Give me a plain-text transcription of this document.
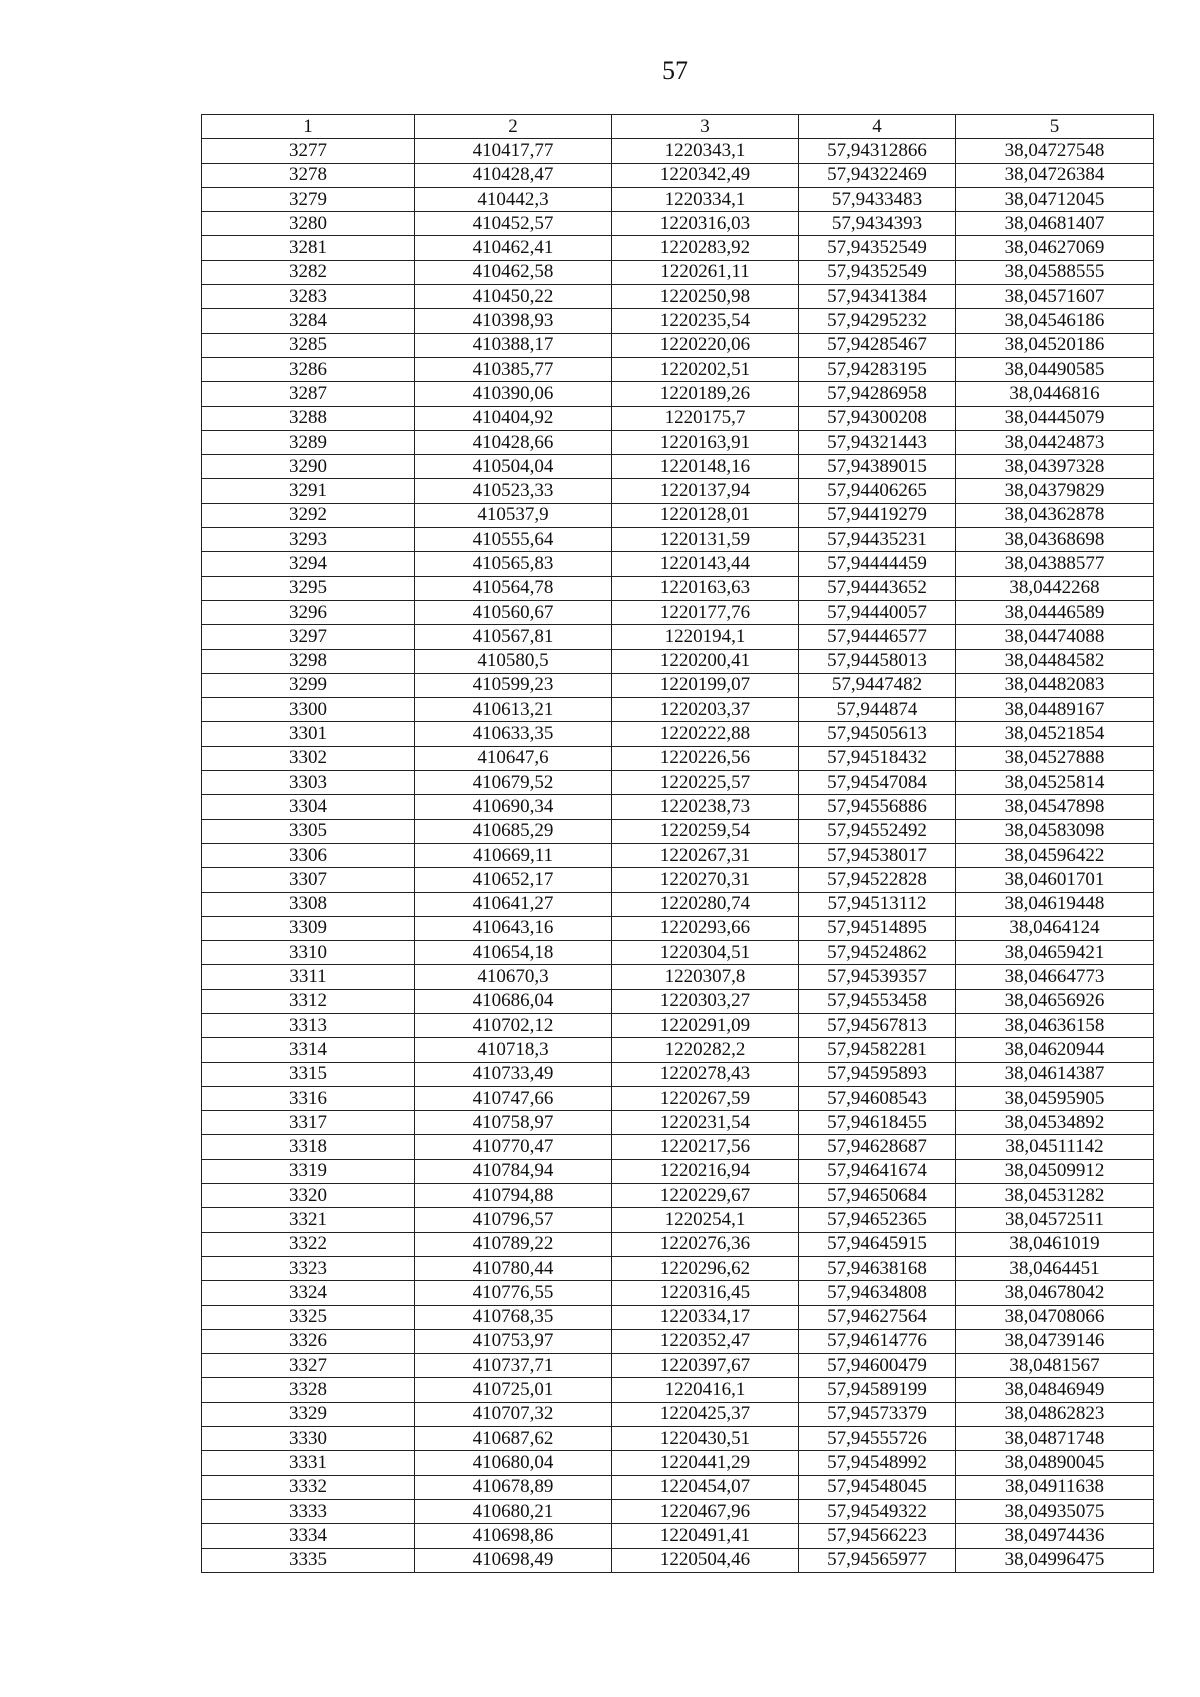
57
1	2	3	4	5
3277	410417,77	1220343,1	57,94312866	38,04727548
3278	410428,47	1220342,49	57,94322469	38,04726384
3279	410442,3	1220334,1	57,9433483	38,04712045
3280	410452,57	1220316,03	57,9434393	38,04681407
3281	410462,41	1220283,92	57,94352549	38,04627069
3282	410462,58	1220261,11	57,94352549	38,04588555
3283	410450,22	1220250,98	57,94341384	38,04571607
3284	410398,93	1220235,54	57,94295232	38,04546186
3285	410388,17	1220220,06	57,94285467	38,04520186
3286	410385,77	1220202,51	57,94283195	38,04490585
3287	410390,06	1220189,26	57,94286958	38,0446816
3288	410404,92	1220175,7	57,94300208	38,04445079
3289	410428,66	1220163,91	57,94321443	38,04424873
3290	410504,04	1220148,16	57,94389015	38,04397328
3291	410523,33	1220137,94	57,94406265	38,04379829
3292	410537,9	1220128,01	57,94419279	38,04362878
3293	410555,64	1220131,59	57,94435231	38,04368698
3294	410565,83	1220143,44	57,94444459	38,04388577
3295	410564,78	1220163,63	57,94443652	38,0442268
3296	410560,67	1220177,76	57,94440057	38,04446589
3297	410567,81	1220194,1	57,94446577	38,04474088
3298	410580,5	1220200,41	57,94458013	38,04484582
3299	410599,23	1220199,07	57,9447482	38,04482083
3300	410613,21	1220203,37	57,944874	38,04489167
3301	410633,35	1220222,88	57,94505613	38,04521854
3302	410647,6	1220226,56	57,94518432	38,04527888
3303	410679,52	1220225,57	57,94547084	38,04525814
3304	410690,34	1220238,73	57,94556886	38,04547898
3305	410685,29	1220259,54	57,94552492	38,04583098
3306	410669,11	1220267,31	57,94538017	38,04596422
3307	410652,17	1220270,31	57,94522828	38,04601701
3308	410641,27	1220280,74	57,94513112	38,04619448
3309	410643,16	1220293,66	57,94514895	38,0464124
3310	410654,18	1220304,51	57,94524862	38,04659421
3311	410670,3	1220307,8	57,94539357	38,04664773
3312	410686,04	1220303,27	57,94553458	38,04656926
3313	410702,12	1220291,09	57,94567813	38,04636158
3314	410718,3	1220282,2	57,94582281	38,04620944
3315	410733,49	1220278,43	57,94595893	38,04614387
3316	410747,66	1220267,59	57,94608543	38,04595905
3317	410758,97	1220231,54	57,94618455	38,04534892
3318	410770,47	1220217,56	57,94628687	38,04511142
3319	410784,94	1220216,94	57,94641674	38,04509912
3320	410794,88	1220229,67	57,94650684	38,04531282
3321	410796,57	1220254,1	57,94652365	38,04572511
3322	410789,22	1220276,36	57,94645915	38,0461019
3323	410780,44	1220296,62	57,94638168	38,0464451
3324	410776,55	1220316,45	57,94634808	38,04678042
3325	410768,35	1220334,17	57,94627564	38,04708066
3326	410753,97	1220352,47	57,94614776	38,04739146
3327	410737,71	1220397,67	57,94600479	38,0481567
3328	410725,01	1220416,1	57,94589199	38,04846949
3329	410707,32	1220425,37	57,94573379	38,04862823
3330	410687,62	1220430,51	57,94555726	38,04871748
3331	410680,04	1220441,29	57,94548992	38,04890045
3332	410678,89	1220454,07	57,94548045	38,04911638
3333	410680,21	1220467,96	57,94549322	38,04935075
3334	410698,86	1220491,41	57,94566223	38,04974436
3335	410698,49	1220504,46	57,94565977	38,04996475
